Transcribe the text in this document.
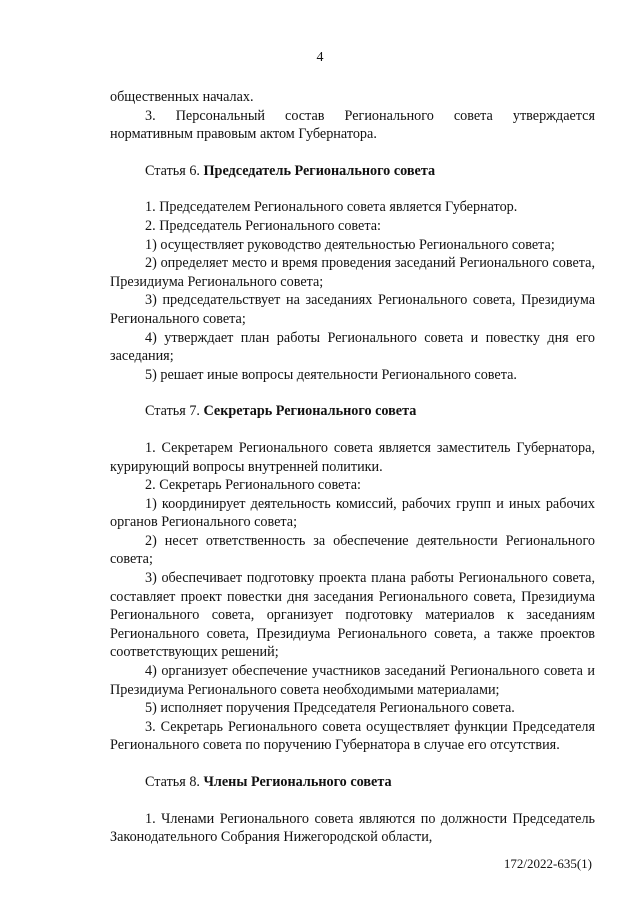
4

общественных началах.

3. Персональный состав Регионального совета утверждается нормативным правовым актом Губернатора.

Статья 6. Председатель Регионального совета

1. Председателем Регионального совета является Губернатор.

2. Председатель Регионального совета:

1) осуществляет руководство деятельностью Регионального совета;

2) определяет место и время проведения заседаний Регионального совета, Президиума Регионального совета;

3) председательствует на заседаниях Регионального совета, Президиума Регионального совета;

4) утверждает план работы Регионального совета и повестку дня его заседания;

5) решает иные вопросы деятельности Регионального совета.

Статья 7. Секретарь Регионального совета

1. Секретарем Регионального совета является заместитель Губернатора, курирующий вопросы внутренней политики.

2. Секретарь Регионального совета:

1) координирует деятельность комиссий, рабочих групп и иных рабочих органов Регионального совета;

2) несет ответственность за обеспечение деятельности Регионального совета;

3) обеспечивает подготовку проекта плана работы Регионального совета, составляет проект повестки дня заседания Регионального совета, Президиума Регионального совета, организует подготовку материалов к заседаниям Регионального совета, Президиума Регионального совета, а также проектов соответствующих решений;

4) организует обеспечение участников заседаний Регионального совета и Президиума Регионального совета необходимыми материалами;

5) исполняет поручения Председателя Регионального совета.

3. Секретарь Регионального совета осуществляет функции Председателя Регионального совета по поручению Губернатора в случае его отсутствия.

Статья 8. Члены Регионального совета

1. Членами Регионального совета являются по должности Председатель Законодательного Собрания Нижегородской области,

172/2022-635(1)
